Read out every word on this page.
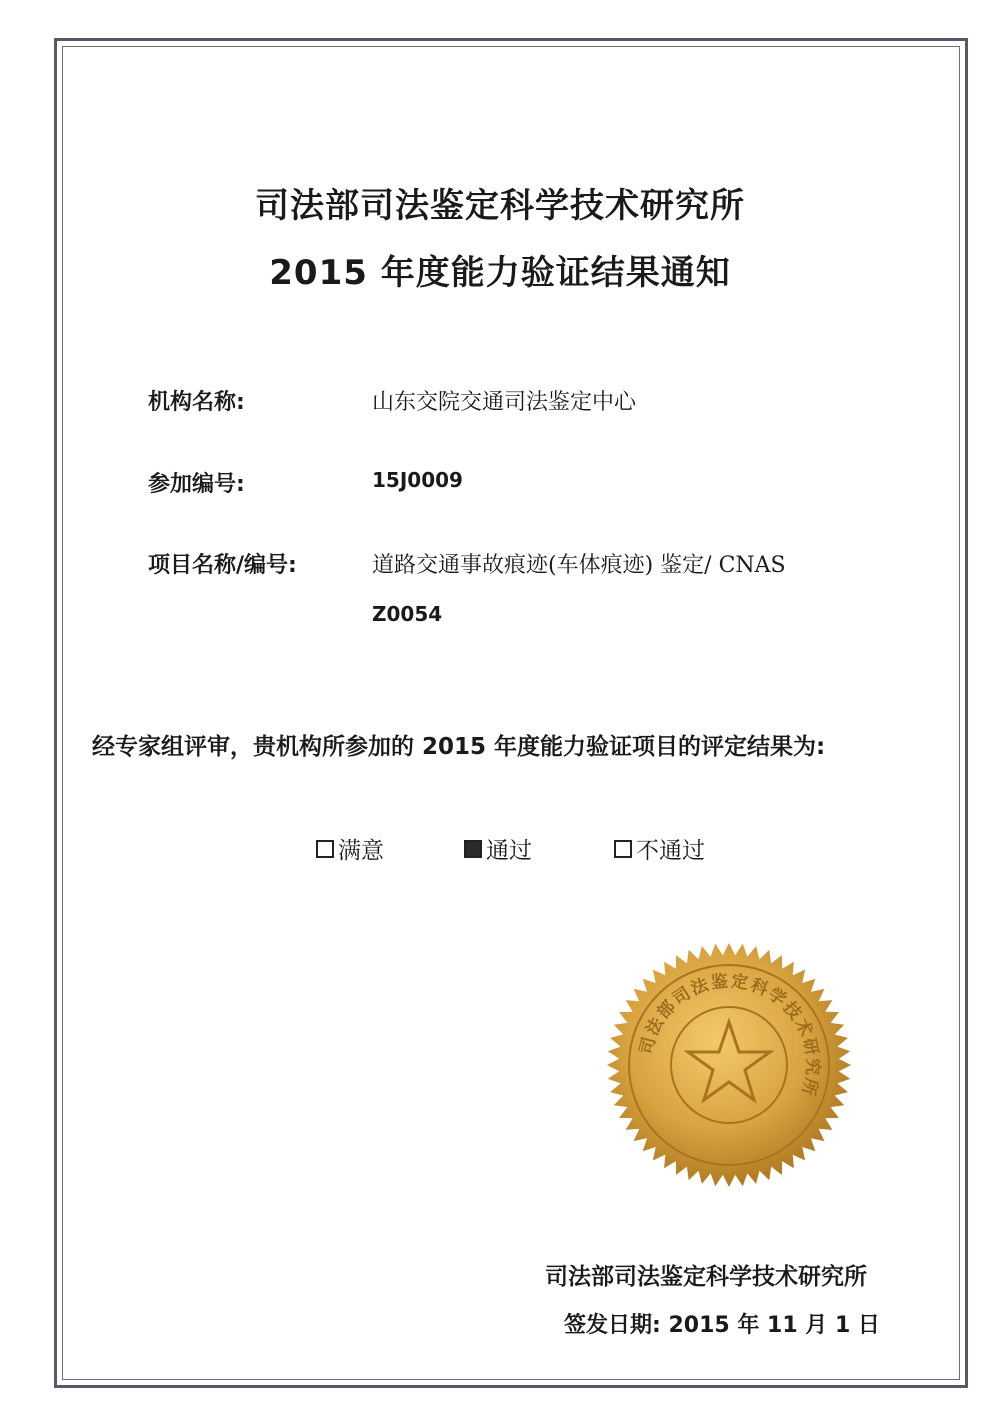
司法部司法鉴定科学技术研究所
2015 年度能力验证结果通知
机构名称:	山东交院交通司法鉴定中心
参加编号:	15J0009
项目名称/编号:	道路交通事故痕迹(车体痕迹) 鉴定/ CNAS
Z0054
经专家组评审，贵机构所参加的 2015 年度能力验证项目的评定结果为:
满意	通过	不通过
司法部司法鉴定科学技术研究所
司法部司法鉴定科学技术研究所
签发日期: 2015 年 11 月 1 日
